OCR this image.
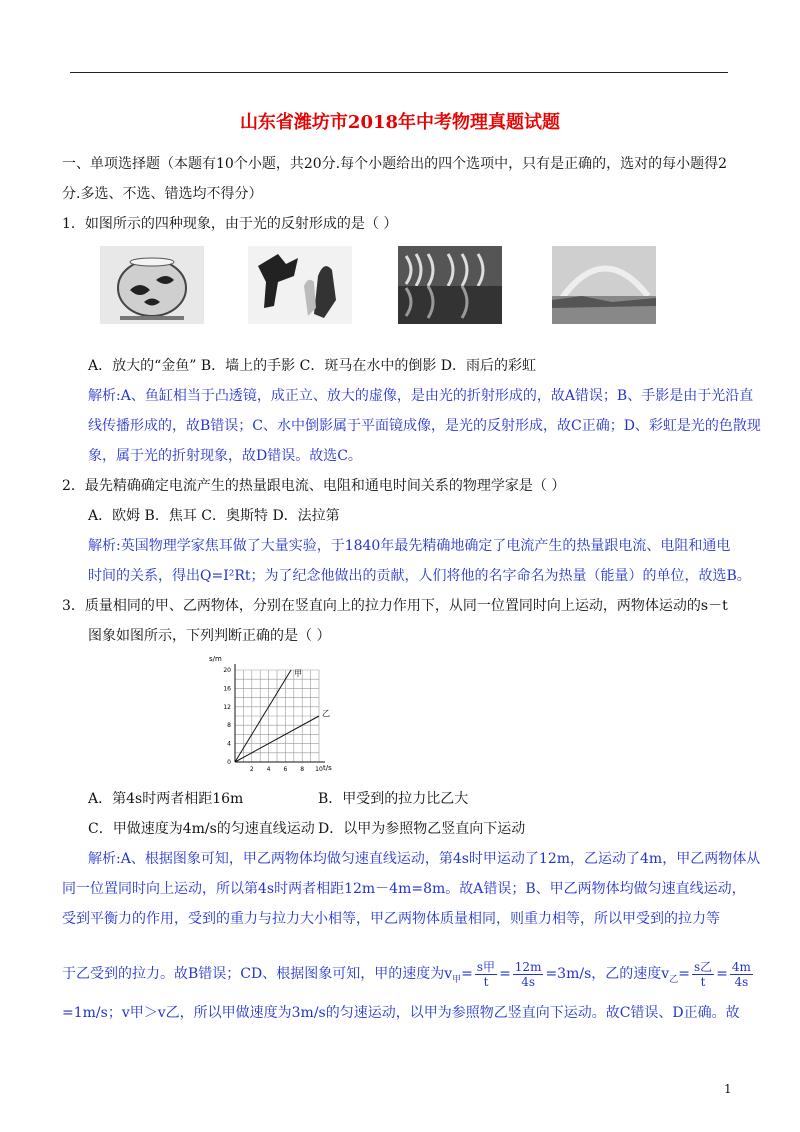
山东省潍坊市2018年中考物理真题试题
一、单项选择题（本题有10个小题，共20分.每个小题给出的四个选项中，只有是正确的，选对的每小题得2
分.多选、不选、错选均不得分）
1．如图所示的四种现象，由于光的反射形成的是（ ）
A．放大的“金鱼” B．墙上的手影 C．斑马在水中的倒影 D．雨后的彩虹
解析:A、鱼缸相当于凸透镜，成正立、放大的虚像，是由光的折射形成的，故A错误；B、手影是由于光沿直
线传播形成的，故B错误；C、水中倒影属于平面镜成像，是光的反射形成，故C正确；D、彩虹是光的色散现
象，属于光的折射现象，故D错误。故选C。
2．最先精确确定电流产生的热量跟电流、电阻和通电时间关系的物理学家是（ ）
A．欧姆 B．焦耳 C．奥斯特 D．法拉第
解析:英国物理学家焦耳做了大量实验，于1840年最先精确地确定了电流产生的热量跟电流、电阻和通电
时间的关系，得出Q=I²Rt；为了纪念他做出的贡献，人们将他的名字命名为热量（能量）的单位，故选B。
3．质量相同的甲、乙两物体，分别在竖直向上的拉力作用下，从同一位置同时向上运动，两物体运动的s－t
图象如图所示，下列判断正确的是（ ）
s/m
t/s
2 4 6 8 10
0
4
8
12
16
20	甲
乙
A．第4s时两者相距16m	B．甲受到的拉力比乙大
C．甲做速度为4m/s的匀速直线运动 D．以甲为参照物乙竖直向下运动
解析:A、根据图象可知，甲乙两物体均做匀速直线运动，第4s时甲运动了12m，乙运动了4m，甲乙两物体从
同一位置同时向上运动，所以第4s时两者相距12m－4m=8m。故A错误；B、甲乙两物体均做匀速直线运动，
受到平衡力的作用，受到的重力与拉力大小相等，甲乙两物体质量相同，则重力相等，所以甲受到的拉力等
于乙受到的拉力。故B错误；CD、根据图象可知，甲的速度为$v_甲= \frac{\text{s甲}}{t} = \frac{12m}{4s} =3m/s$，乙的速度$v_乙= \frac{\text{s乙}}{t} = \frac{4m}{4s}$
=1m/s；v甲＞v乙，所以甲做速度为3m/s的匀速运动，以甲为参照物乙竖直向下运动。故C错误、D正确。故
1
